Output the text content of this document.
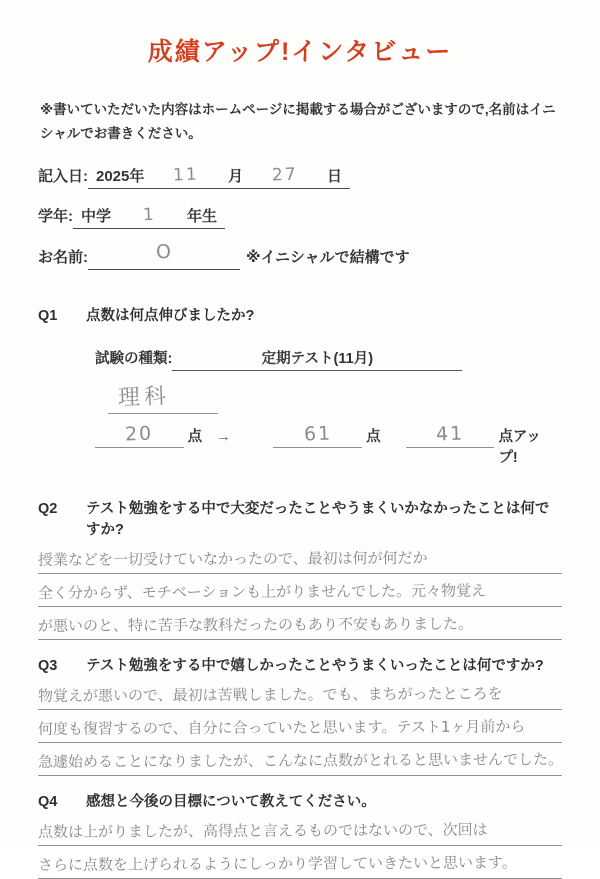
成績アップ!インタビュー

※書いていただいた内容はホームページに掲載する場合がございますので,名前はイニシャルでお書きください。

記入日: 2025年 11 月 27 日
学年: 中学 1 年生
お名前:	O	※イニシャルで結構です
Q1	点数は何点伸びましたか?
試験の種類:	定期テスト(11月)
理科
20 点 →	61 点	41 点アップ!
Q2	テスト勉強をする中で大変だったことやうまくいかなかったことは何ですか?
授業などを一切受けていなかったので、最初は何が何だか
全く分からず、モチベーションも上がりませんでした。元々物覚え
が悪いのと、特に苦手な教科だったのもあり不安もありました。
Q3	テスト勉強をする中で嬉しかったことやうまくいったことは何ですか?
物覚えが悪いので、最初は苦戦しました。でも、まちがったところを
何度も復習するので、自分に合っていたと思います。テスト1ヶ月前から
急遽始めることになりましたが、こんなに点数がとれると思いませんでした。
Q4	感想と今後の目標について教えてください。
点数は上がりましたが、高得点と言えるものではないので、次回は
さらに点数を上げられるようにしっかり学習していきたいと思います。
